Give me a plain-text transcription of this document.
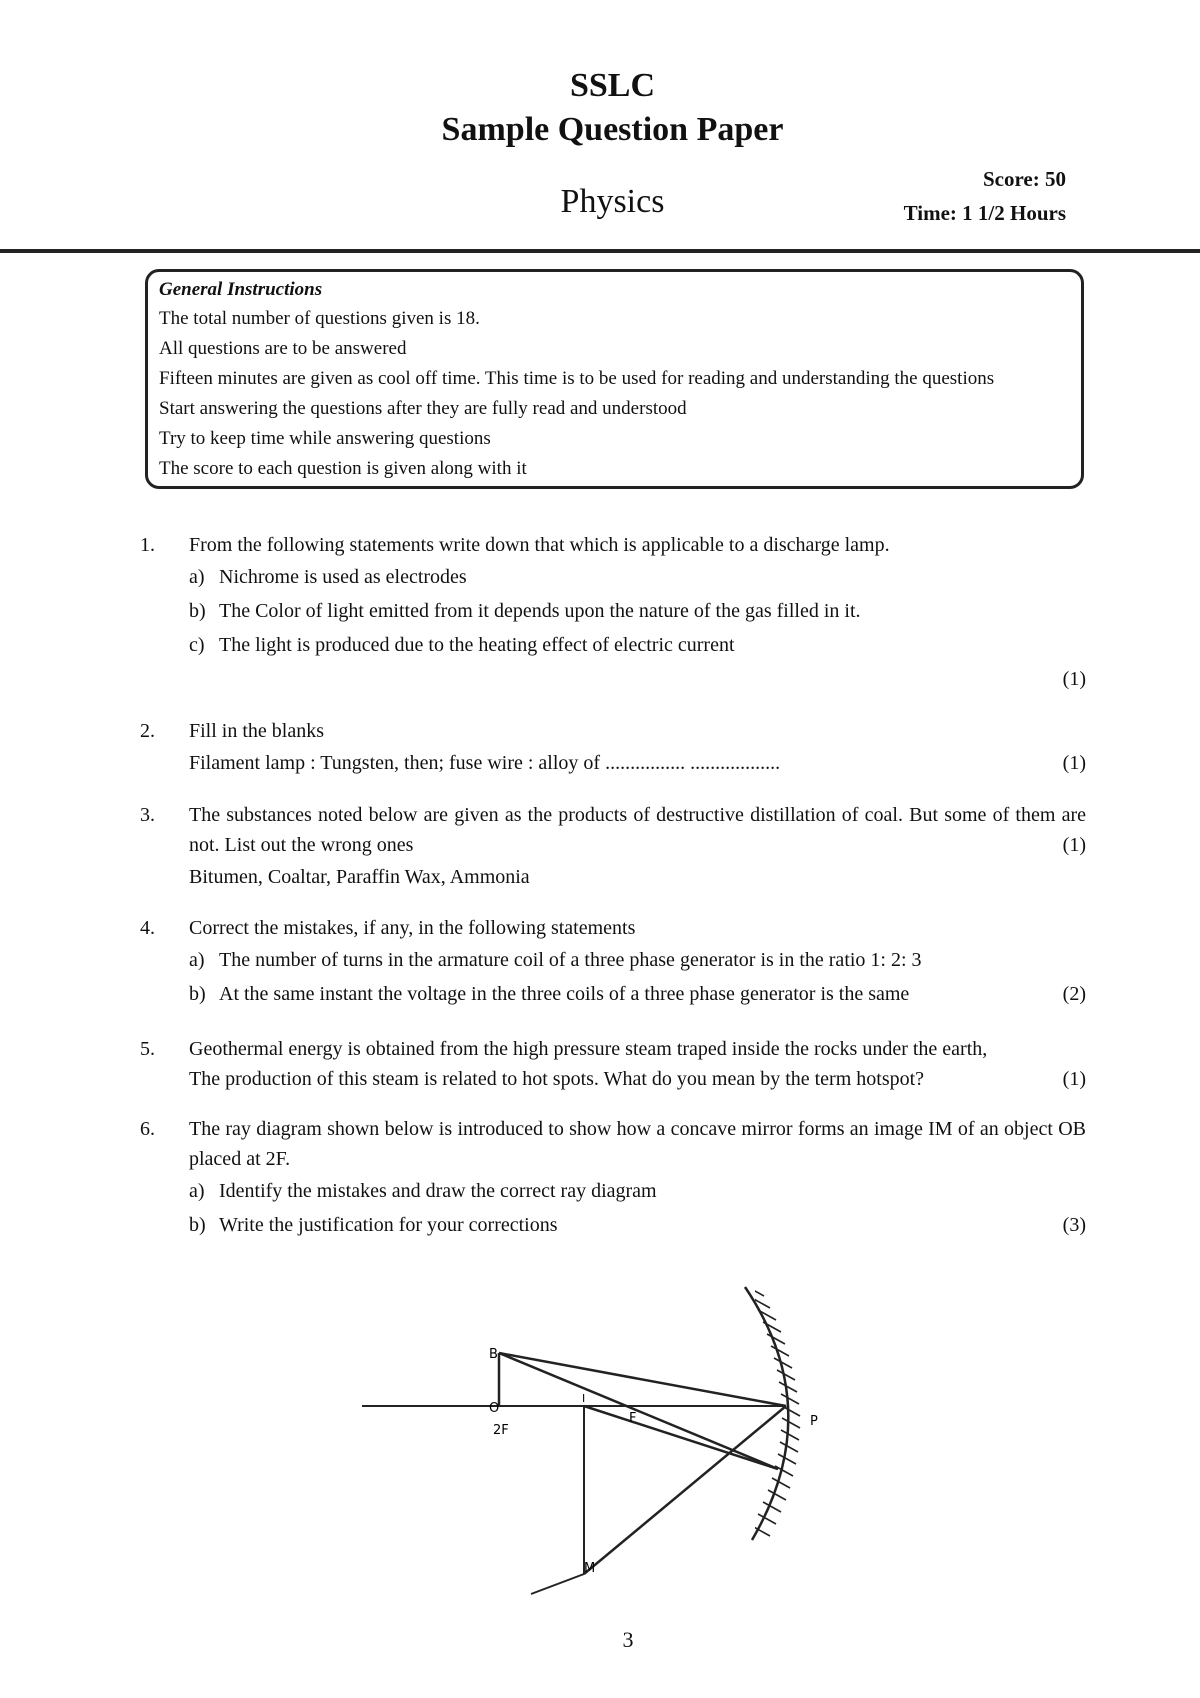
SSLC
Sample Question Paper
Physics
Score: 50
Time: 1 1/2 Hours
General Instructions
The total number of questions given is 18.
All questions are to be answered
Fifteen minutes are given as cool off time. This time is to be used for reading and understanding the questions
Start answering the questions after they are fully read and understood
Try to keep time while answering questions
The score to each question is given along with it
1.	From the following statements write down that which is applicable to a discharge lamp.
a) Nichrome is used as electrodes
b) The Color of light emitted from it depends upon the nature of the gas filled in it.
c) The light is produced due to the heating effect of electric current
(1)
2.	Fill in the blanks
Filament lamp : Tungsten, then; fuse wire : alloy of ................ ..................	(1)
3.	The substances noted below are given as the products of destructive distillation of coal. But some of them are not. List out the wrong ones	(1)
Bitumen, Coaltar, Paraffin Wax, Ammonia
4.	Correct the mistakes, if any, in the following statements
a) The number of turns in the armature coil of a three phase generator is in the ratio 1: 2: 3
b) At the same instant the voltage in the three coils of a three phase generator is the same	(2)
5.	Geothermal energy is obtained from the high pressure steam traped inside the rocks under the earth,
The production of this steam is related to hot spots. What do you mean by the term hotspot?	(1)
6.	The ray diagram shown below is introduced to show how a concave mirror forms an image IM of an object OB placed at 2F.
a) Identify the mistakes and draw the correct ray diagram
b) Write the justification for your corrections	(3)
B
O
2F
F	P
I
M
3
